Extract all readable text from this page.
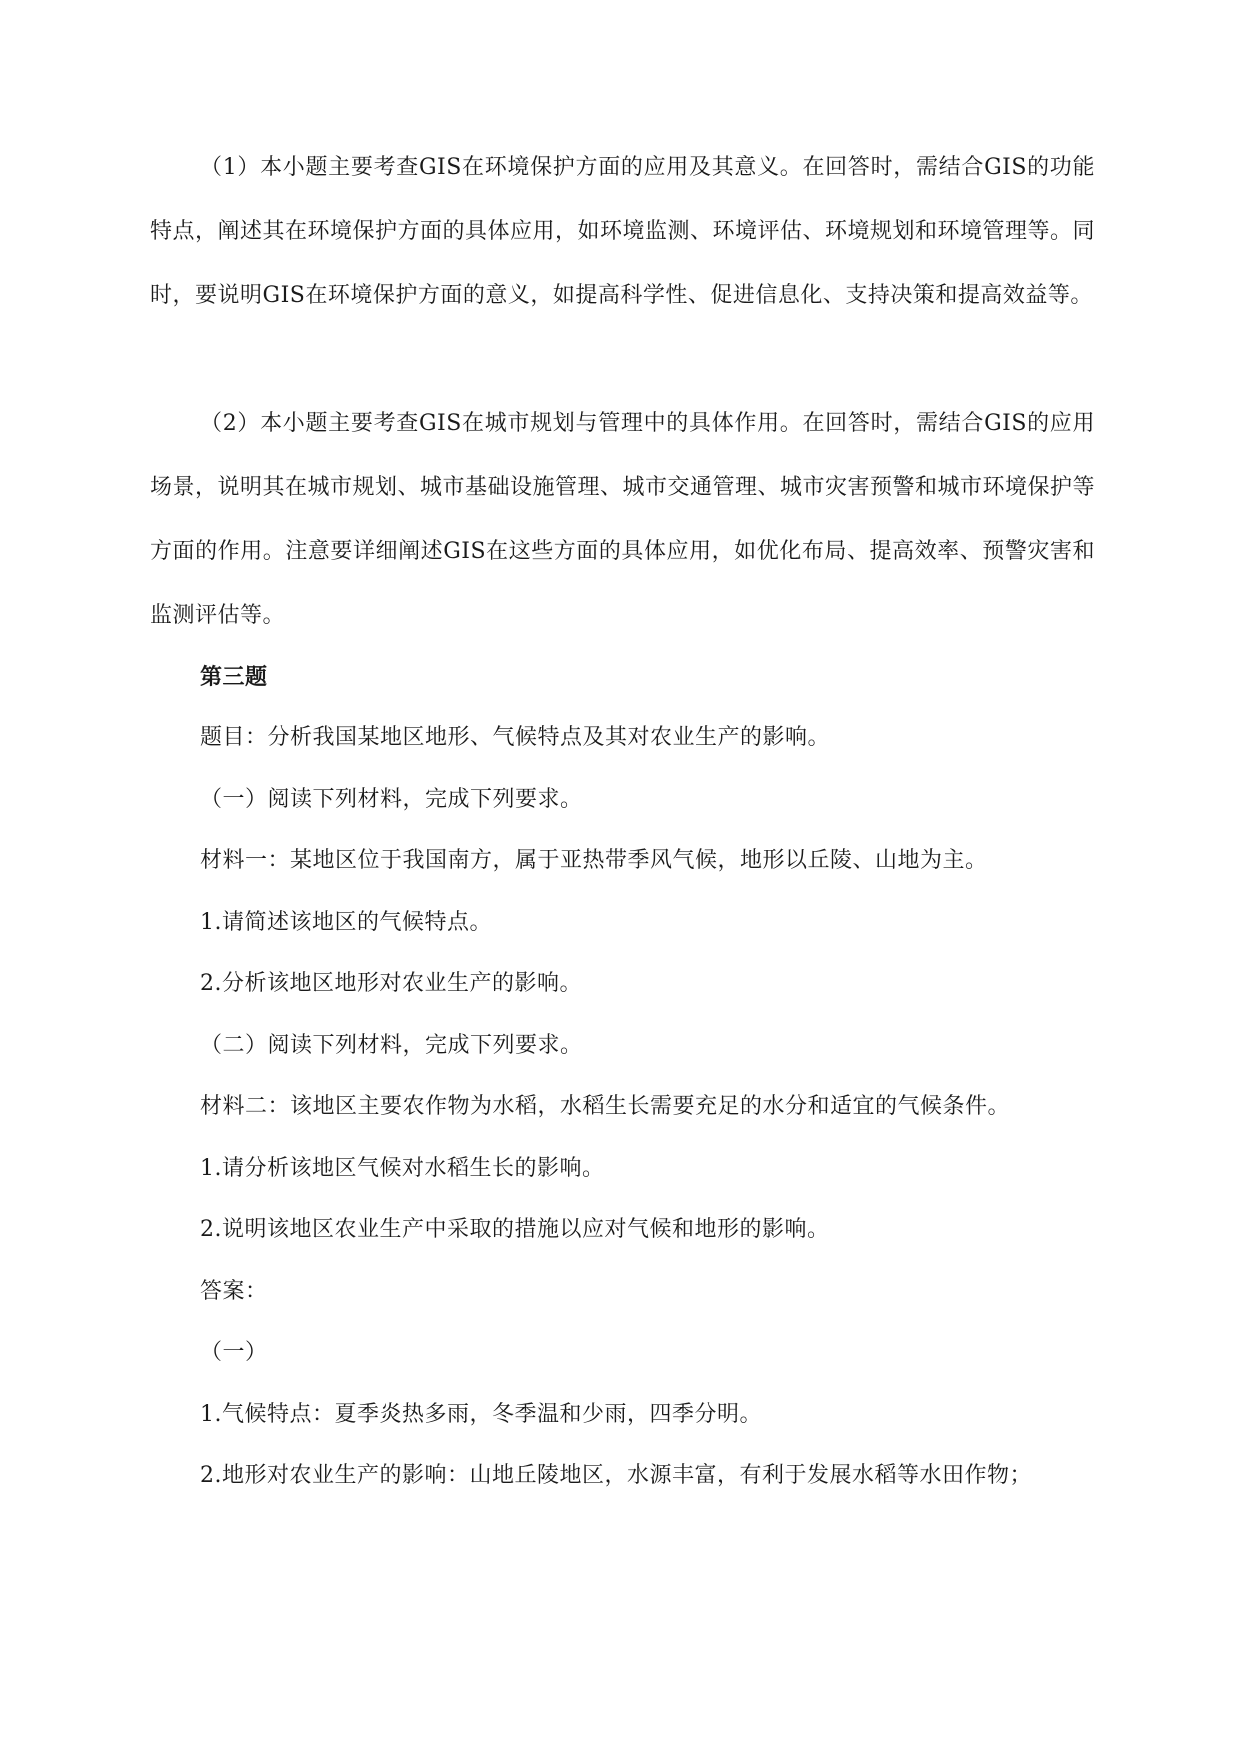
（1）本小题主要考查GIS在环境保护方面的应用及其意义。在回答时，需结合GIS的功能特点，阐述其在环境保护方面的具体应用，如环境监测、环境评估、环境规划和环境管理等。同时，要说明GIS在环境保护方面的意义，如提高科学性、促进信息化、支持决策和提高效益等。

（2）本小题主要考查GIS在城市规划与管理中的具体作用。在回答时，需结合GIS的应用场景，说明其在城市规划、城市基础设施管理、城市交通管理、城市灾害预警和城市环境保护等方面的作用。注意要详细阐述GIS在这些方面的具体应用，如优化布局、提高效率、预警灾害和监测评估等。

第三题

题目：分析我国某地区地形、气候特点及其对农业生产的影响。

（一）阅读下列材料，完成下列要求。

材料一：某地区位于我国南方，属于亚热带季风气候，地形以丘陵、山地为主。

1.请简述该地区的气候特点。

2.分析该地区地形对农业生产的影响。

（二）阅读下列材料，完成下列要求。

材料二：该地区主要农作物为水稻，水稻生长需要充足的水分和适宜的气候条件。

1.请分析该地区气候对水稻生长的影响。

2.说明该地区农业生产中采取的措施以应对气候和地形的影响。

答案：

（一）

1.气候特点：夏季炎热多雨，冬季温和少雨，四季分明。

2.地形对农业生产的影响：山地丘陵地区，水源丰富，有利于发展水稻等水田作物；
